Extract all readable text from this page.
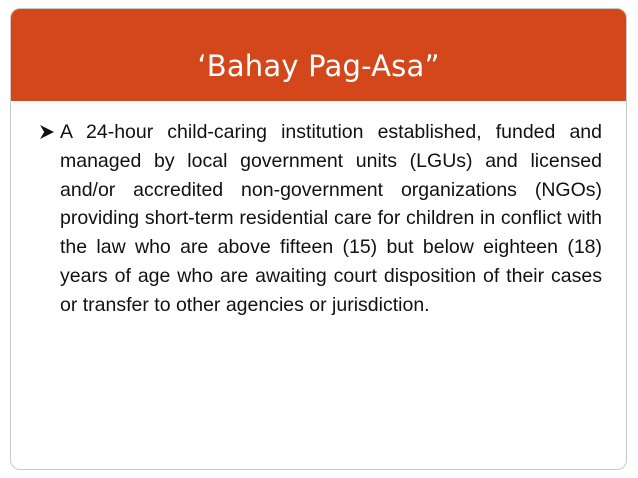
‘Bahay Pag-Asa”

A 24-hour child-caring institution established, funded and managed by local government units (LGUs) and licensed and/or accredited non-government organizations (NGOs) providing short-term residential care for children in conflict with the law who are above fifteen (15) but below eighteen (18) years of age who are awaiting court disposition of their cases or transfer to other agencies or jurisdiction.
